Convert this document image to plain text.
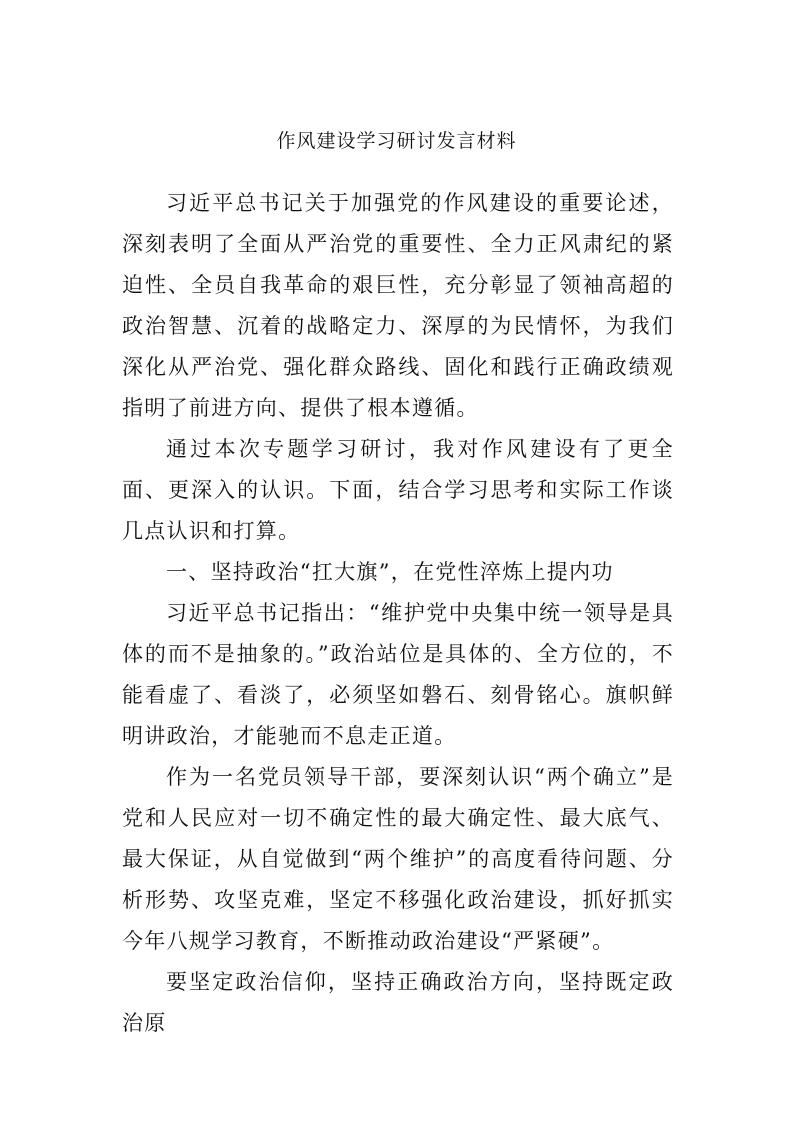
作风建设学习研讨发言材料

习近平总书记关于加强党的作风建设的重要论述，深刻表明了全面从严治党的重要性、全力正风肃纪的紧迫性、全员自我革命的艰巨性，充分彰显了领袖高超的政治智慧、沉着的战略定力、深厚的为民情怀，为我们深化从严治党、强化群众路线、固化和践行正确政绩观指明了前进方向、提供了根本遵循。

通过本次专题学习研讨，我对作风建设有了更全面、更深入的认识。下面，结合学习思考和实际工作谈几点认识和打算。

一、坚持政治“扛大旗”，在党性淬炼上提内功

习近平总书记指出：“维护党中央集中统一领导是具体的而不是抽象的。”政治站位是具体的、全方位的，不能看虚了、看淡了，必须坚如磐石、刻骨铭心。旗帜鲜明讲政治，才能驰而不息走正道。

作为一名党员领导干部，要深刻认识“两个确立”是党和人民应对一切不确定性的最大确定性、最大底气、最大保证，从自觉做到“两个维护”的高度看待问题、分析形势、攻坚克难，坚定不移强化政治建设，抓好抓实今年八规学习教育，不断推动政治建设“严紧硬”。

要坚定政治信仰，坚持正确政治方向，坚持既定政治原
